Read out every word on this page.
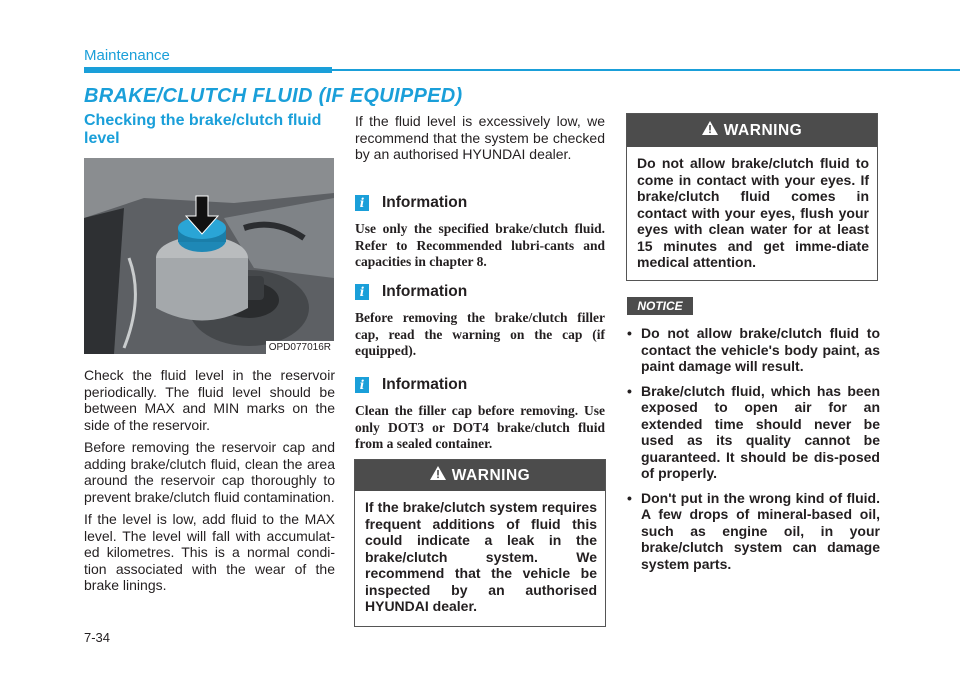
Maintenance
BRAKE/CLUTCH FLUID (IF EQUIPPED)
Checking the brake/clutch fluid level
OPD077016R

Check the fluid level in the reservoir periodically. The fluid level should be between MAX and MIN marks on the side of the reservoir.

Before removing the reservoir cap and adding brake/clutch fluid, clean the area around the reservoir cap thoroughly to prevent brake/clutch fluid contamination.

If the level is low, add fluid to the MAX level. The level will fall with accumulat-ed kilometres. This is a normal condi-tion associated with the wear of the brake linings.

If the fluid level is excessively low, we recommend that the system be checked by an authorised HYUNDAI dealer.
i	Information
Use only the specified brake/clutch fluid. Refer to Recommended lubri-cants and capacities in chapter 8.
i	Information
Before removing the brake/clutch filler cap, read the warning on the cap (if equipped).
i	Information
Clean the filler cap before removing. Use only DOT3 or DOT4 brake/clutch fluid from a sealed container.
WARNING
If the brake/clutch system requires frequent additions of fluid this could indicate a leak in the brake/clutch system. We recommend that the vehicle be inspected by an authorised HYUNDAI dealer.
WARNING
Do not allow brake/clutch fluid to come in contact with your eyes. If brake/clutch fluid comes in contact with your eyes, flush your eyes with clean water for at least 15 minutes and get imme-diate medical attention.
NOTICE
• Do not allow brake/clutch fluid to contact the vehicle's body paint, as paint damage will result.
• Brake/clutch fluid, which has been exposed to open air for an extended time should never be used as its quality cannot be guaranteed. It should be dis-posed of properly.
• Don't put in the wrong kind of fluid. A few drops of mineral-based oil, such as engine oil, in your brake/clutch system can damage system parts.
7-34
